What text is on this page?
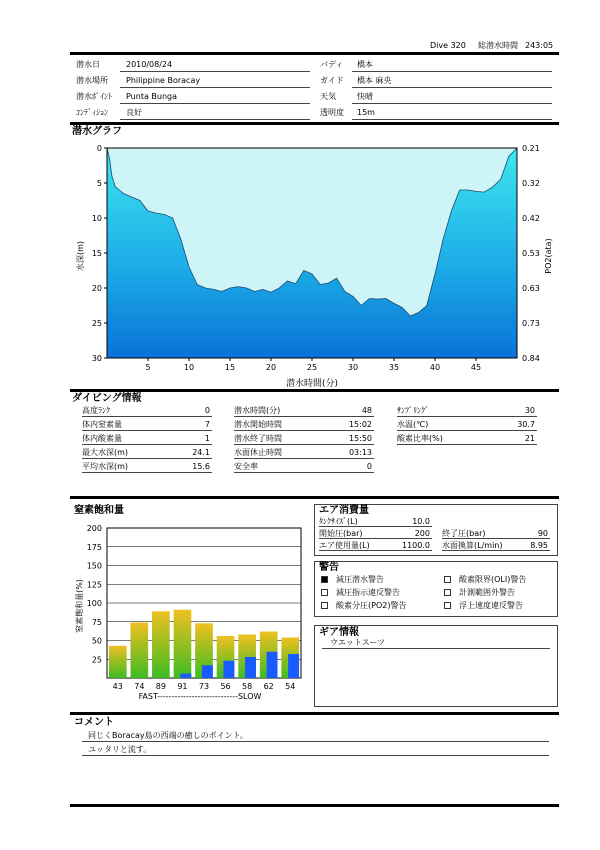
Dive 320 総潜水時間 243:05
潜水日	2010/08/24
潜水場所 Philippine Boracay
潜水ﾎﾟｲﾝﾄ Punta Bunga
ｺﾝﾃﾞｨｼｮﾝ 良好
バディ 橋本
ガイド 橋本 麻央
天気	快晴
透明度 15m
潜水グラフ
0
5
10
15
20
25
30
0.21
0.32
0.42
0.53
0.63
0.73
0.84
5	10	15	20	25	30	35	40	45
水深(m)	PO2(ata)
潜水時間(分)
ダイビング情報
高度ﾗﾝｸ	0
体内窒素量	7
体内酸素量	1
最大水深(m)	24.1
平均水深(m)	15.6
潜水時間(分)	48
潜水開始時間	15:02
潜水終了時間	15:50
水面休止時間	03:13
安全率	0
ｻﾝﾌﾟﾘﾝｸﾞ	30
水温(℃)	30.7
酸素比率(%)	21
窒素飽和量
25
50
75
100
125
150
175
200
43 74 89 91 73 56 58 62 54
窒素飽和量(%)
FAST----------------------------SLOW
エア消費量
ﾀﾝｸｻｲｽﾞ(L)	10.0
開始圧(bar)	200
エア使用量(L)	1100.0
終了圧(bar)	90
水面換算(L/min)	8.95
警告
減圧潜水警告
減圧指示違反警告
酸素分圧(PO2)警告
酸素限界(OLI)警告
計測範囲外警告
浮上速度違反警告
ギア情報
ウエットスーツ
コメント
同じくBoracay島の西端の癒しのポイント。
ユッタリと流す。
